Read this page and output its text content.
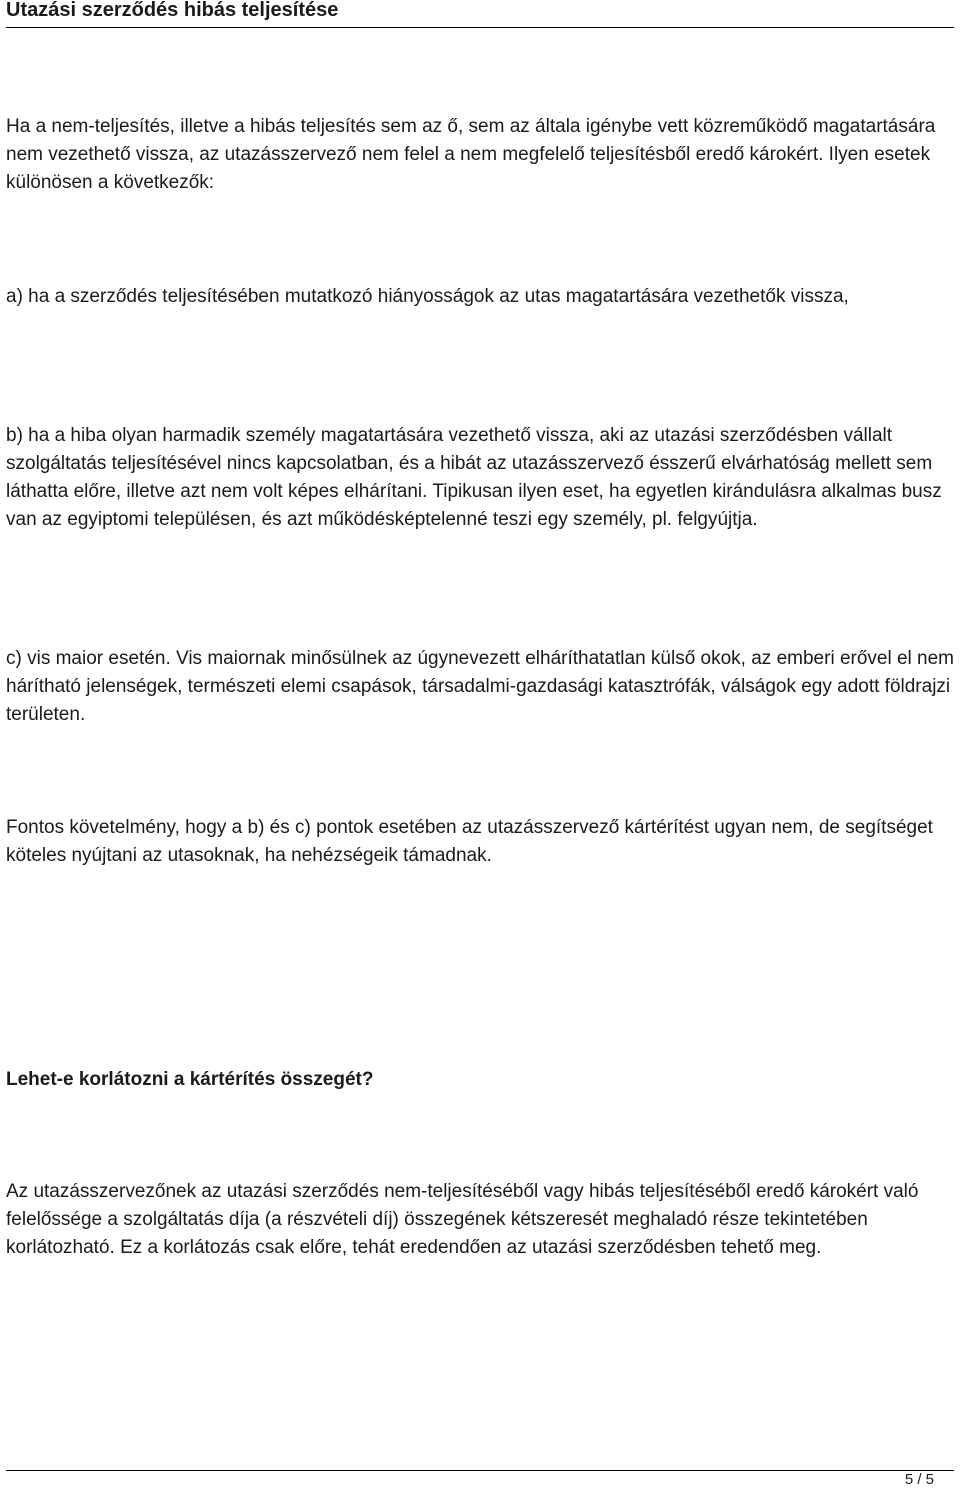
Utazási szerződés hibás teljesítése

Ha a nem-teljesítés, illetve a hibás teljesítés sem az ő, sem az általa igénybe vett közreműködő magatartására nem vezethető vissza, az utazásszervező nem felel a nem megfelelő teljesítésből eredő károkért. Ilyen esetek különösen a következők:

a) ha a szerződés teljesítésében mutatkozó hiányosságok az utas magatartására vezethetők vissza,

b) ha a hiba olyan harmadik személy magatartására vezethető vissza, aki az utazási szerződésben vállalt szolgáltatás teljesítésével nincs kapcsolatban, és a hibát az utazásszervező ésszerű elvárhatóság mellett sem láthatta előre, illetve azt nem volt képes elhárítani. Tipikusan ilyen eset, ha egyetlen kirándulásra alkalmas busz van az egyiptomi településen, és azt működésképtelenné teszi egy személy, pl. felgyújtja.

c) vis maior esetén. Vis maiornak minősülnek az úgynevezett elháríthatatlan külső okok, az emberi erővel el nem hárítható jelenségek, természeti elemi csapások, társadalmi-gazdasági katasztrófák, válságok egy adott földrajzi területen.

Fontos követelmény, hogy a b) és c) pontok esetében az utazásszervező kártérítést ugyan nem, de segítséget köteles nyújtani az utasoknak, ha nehézségeik támadnak.

Lehet-e korlátozni a kártérítés összegét?

Az utazásszervezőnek az utazási szerződés nem-teljesítéséből vagy hibás teljesítéséből eredő károkért való felelőssége a szolgáltatás díja (a részvételi díj) összegének kétszeresét meghaladó része tekintetében korlátozható. Ez a korlátozás csak előre, tehát eredendően az utazási szerződésben tehető meg.

5 / 5
